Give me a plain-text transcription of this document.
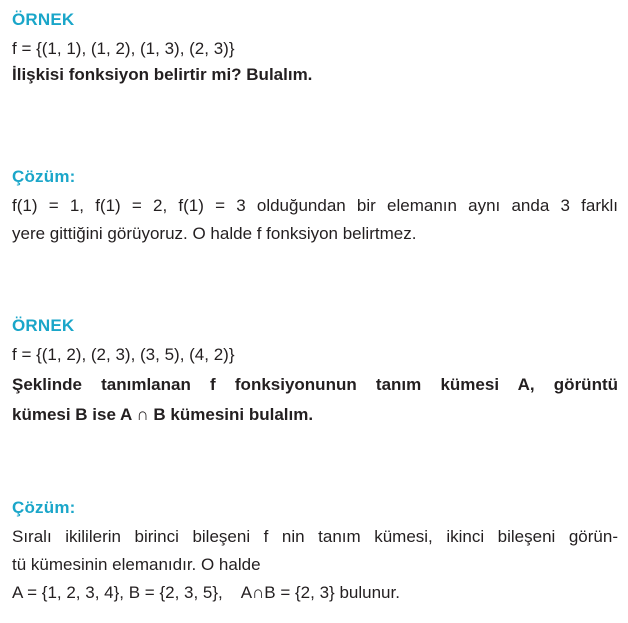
ÖRNEK
f = {(1, 1), (1, 2), (1, 3), (2, 3)}
İlişkisi fonksiyon belirtir mi? Bulalım.
Çözüm:
f(1) = 1, f(1) = 2, f(1) = 3 olduğundan bir elemanın aynı anda 3 farklı
yere gittiğini görüyoruz. O halde f fonksiyon belirtmez.
ÖRNEK
f = {(1, 2), (2, 3), (3, 5), (4, 2)}
Şeklinde tanımlanan f fonksiyonunun tanım kümesi A, görüntü
kümesi B ise A ∩ B kümesini bulalım.
Çözüm:
Sıralı ikililerin birinci bileşeni f nin tanım kümesi, ikinci bileşeni görün-
tü kümesinin elemanıdır. O halde
A = {1, 2, 3, 4}, B = {2, 3, 5},    A∩B = {2, 3} bulunur.
